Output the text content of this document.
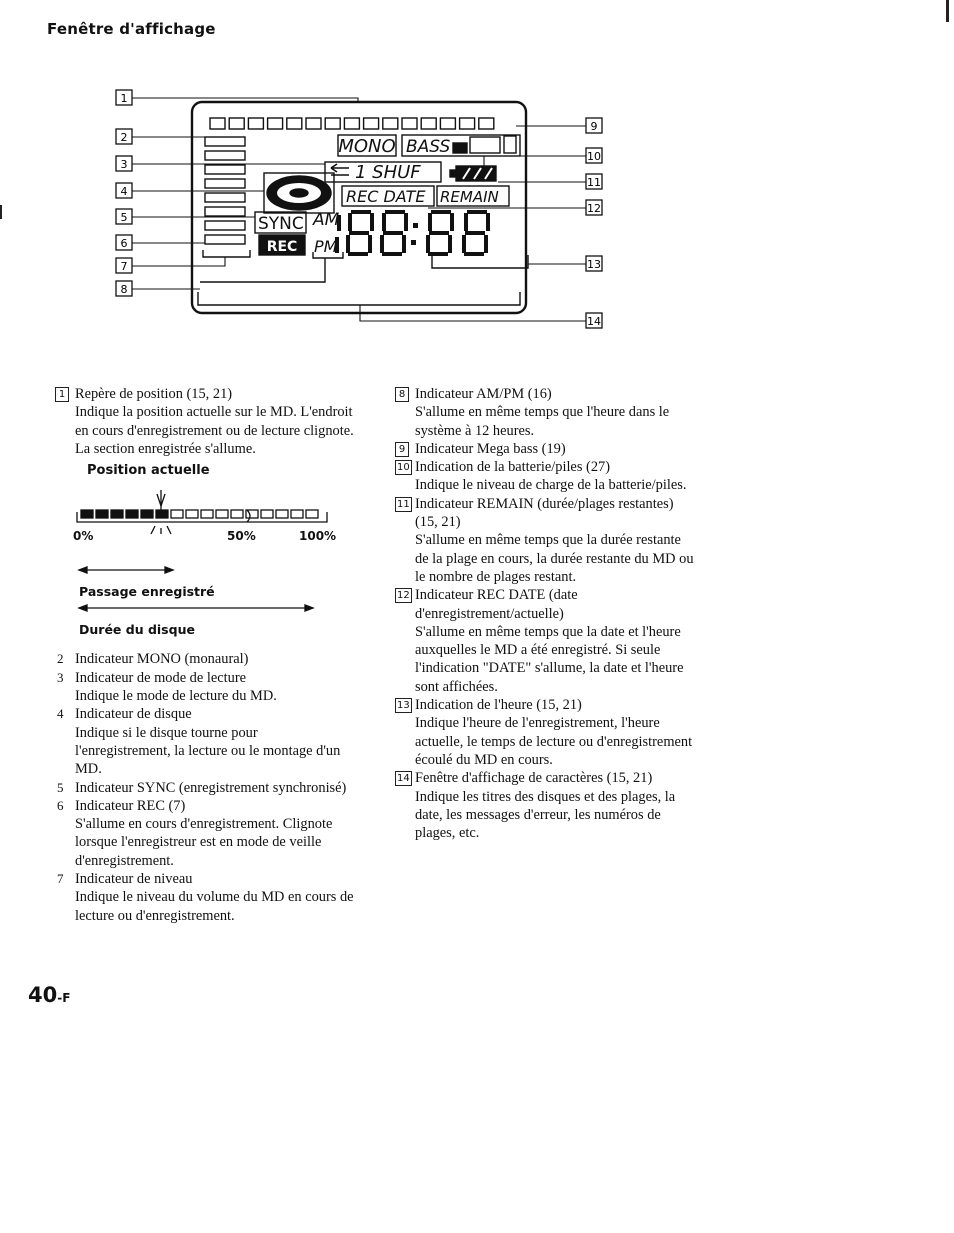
Fenêtre d'affichage
MONO BASS
1 SHUF
REC DATE REMAIN
SYNC
REC
AM
PM
1
2
3
4
5
6
7
8
9
10
11
12
13
14
1 Repère de position (15, 21)
Indique la position actuelle sur le MD. L'endroit en cours d'enregistrement ou de lecture clignote. La section enregistrée s'allume.
Position actuelle
0%	50%	100%
Passage enregistré
Durée du disque
2 Indicateur MONO (monaural)
3 Indicateur de mode de lecture
Indique le mode de lecture du MD.
4 Indicateur de disque
Indique si le disque tourne pour l'enregistrement, la lecture ou le montage d'un MD.
5 Indicateur SYNC (enregistrement synchronisé)
6 Indicateur REC (7)
S'allume en cours d'enregistrement. Clignote lorsque l'enregistreur est en mode de veille d'enregistrement.
7 Indicateur de niveau
Indique le niveau du volume du MD en cours de lecture ou d'enregistrement.
8 Indicateur AM/PM (16)
S'allume en même temps que l'heure dans le système à 12 heures.
9 Indicateur Mega bass (19)
10 Indication de la batterie/piles (27)
Indique le niveau de charge de la batterie/piles.
11 Indicateur REMAIN (durée/plages restantes) (15, 21)
S'allume en même temps que la durée restante de la plage en cours, la durée restante du MD ou le nombre de plages restant.
12 Indicateur REC DATE (date d'enregistrement/actuelle)
S'allume en même temps que la date et l'heure auxquelles le MD a été enregistré. Si seule l'indication "DATE" s'allume, la date et l'heure sont affichées.
13 Indication de l'heure (15, 21)
Indique l'heure de l'enregistrement, l'heure actuelle, le temps de lecture ou d'enregistrement écoulé du MD en cours.
14 Fenêtre d'affichage de caractères (15, 21)
Indique les titres des disques et des plages, la date, les messages d'erreur, les numéros de plages, etc.
40-F
